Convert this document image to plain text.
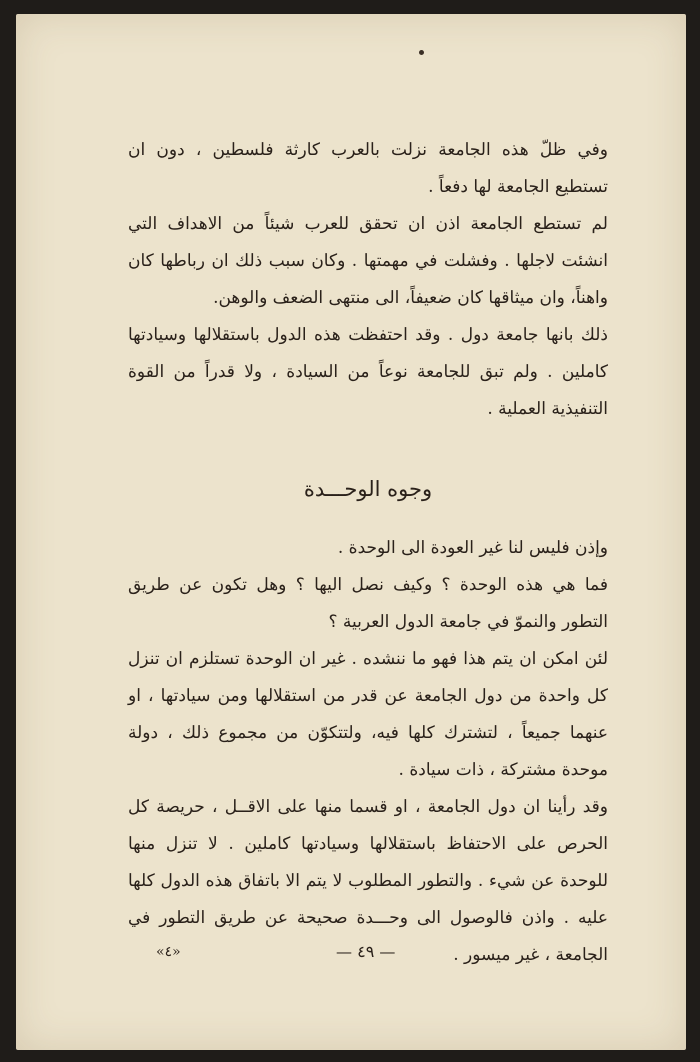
وفي ظلّ هذه الجامعة نزلت بالعرب كارثة فلسطين ، دون ان تستطيع الجامعة لها دفعاً .

لم تستطع الجامعة اذن ان تحقق للعرب شيئاً من الاهداف التي انشئت لاجلها . وفشلت في مهمتها . وكان سبب ذلك ان رباطها كان واهناً، وان ميثاقها كان ضعيفاً، الى منتهى الضعف والوهن.

ذلك بانها جامعة دول . وقد احتفظت هذه الدول باستقلالها وسيادتها كاملين . ولم تبق للجامعة نوعاً من السيادة ، ولا قدراً من القوة التنفيذية العملية .

وجوه الوحـــدة

وإذن فليس لنا غير العودة الى الوحدة .

فما هي هذه الوحدة ؟ وكيف نصل اليها ؟ وهل تكون عن طريق التطور والنموّ في جامعة الدول العربية ؟

لئن امكن ان يتم هذا فهو ما ننشده . غير ان الوحدة تستلزم ان تنزل كل واحدة من دول الجامعة عن قدر من استقلالها ومن سيادتها ، او عنهما جميعاً ، لتشترك كلها فيه، ولتتكوّن من مجموع ذلك ، دولة موحدة مشتركة ، ذات سيادة .

وقد رأينا ان دول الجامعة ، او قسما منها على الاقــل ، حريصة كل الحرص على الاحتفاظ باستقلالها وسيادتها كاملين . لا تنزل منها للوحدة عن شيء . والتطور المطلوب لا يتم الا باتفاق هذه الدول كلها عليه . واذن فالوصول الى وحـــدة صحيحة عن طريق التطور في الجامعة ، غير ميسور .

«٤»	— ٤٩ —
